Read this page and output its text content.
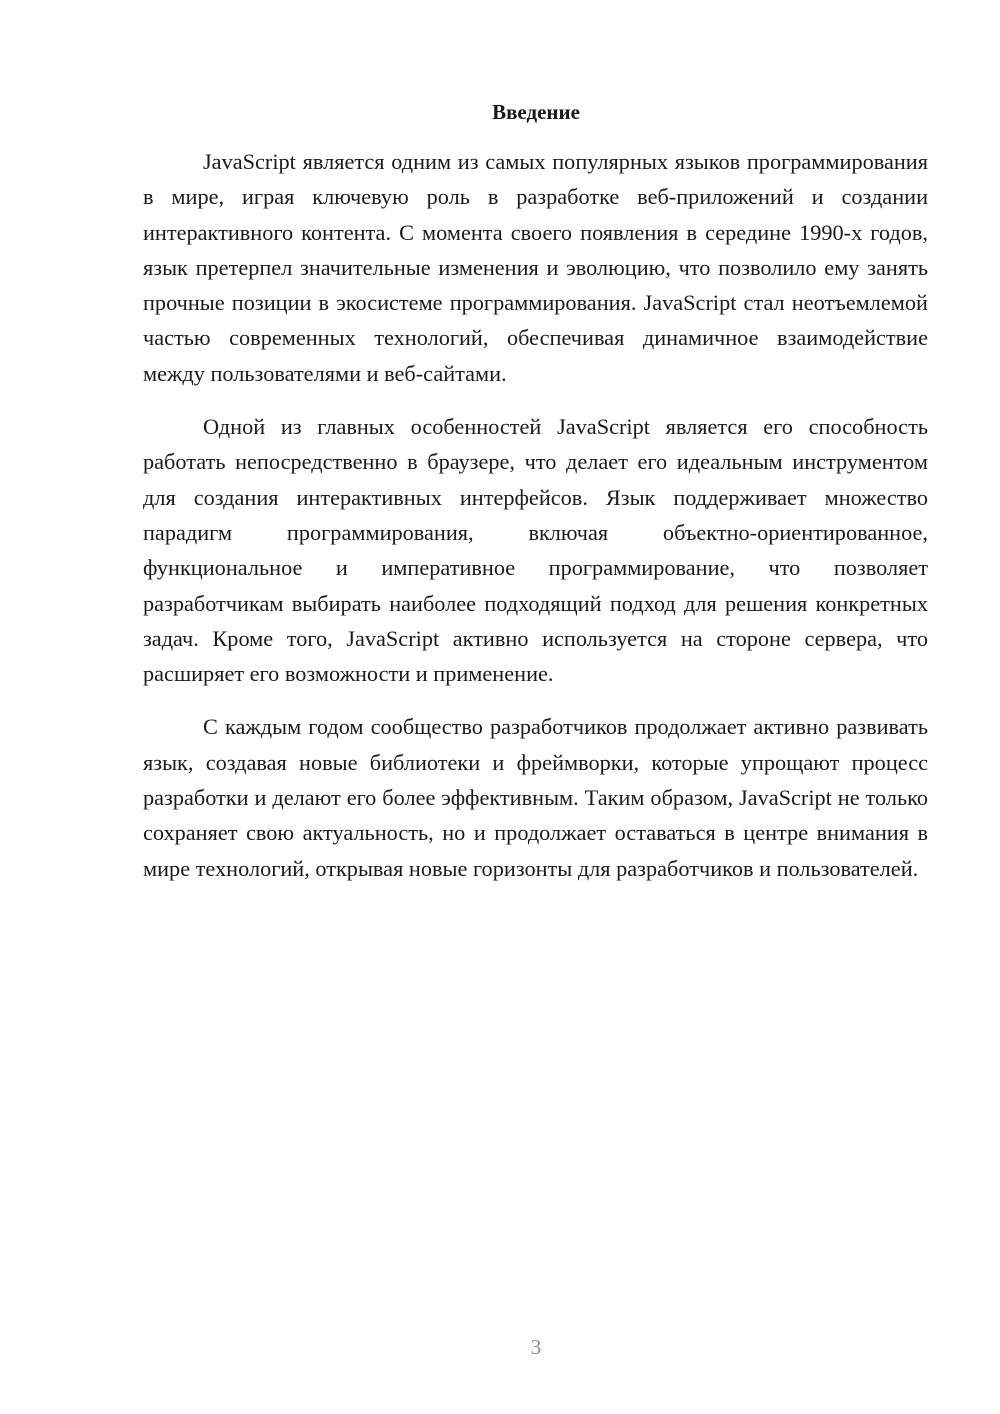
Введение

JavaScript является одним из самых популярных языков программирования в мире, играя ключевую роль в разработке веб-приложений и создании интерактивного контента. С момента своего появления в середине 1990-х годов, язык претерпел значительные изменения и эволюцию, что позволило ему занять прочные позиции в экосистеме программирования. JavaScript стал неотъемлемой частью современных технологий, обеспечивая динамичное взаимодействие между пользователями и веб-сайтами.

Одной из главных особенностей JavaScript является его способность работать непосредственно в браузере, что делает его идеальным инструментом для создания интерактивных интерфейсов. Язык поддерживает множество парадигм программирования, включая объектно-ориентированное, функциональное и императивное программирование, что позволяет разработчикам выбирать наиболее подходящий подход для решения конкретных задач. Кроме того, JavaScript активно используется на стороне сервера, что расширяет его возможности и применение.

С каждым годом сообщество разработчиков продолжает активно развивать язык, создавая новые библиотеки и фреймворки, которые упрощают процесс разработки и делают его более эффективным. Таким образом, JavaScript не только сохраняет свою актуальность, но и продолжает оставаться в центре внимания в мире технологий, открывая новые горизонты для разработчиков и пользователей.

3
